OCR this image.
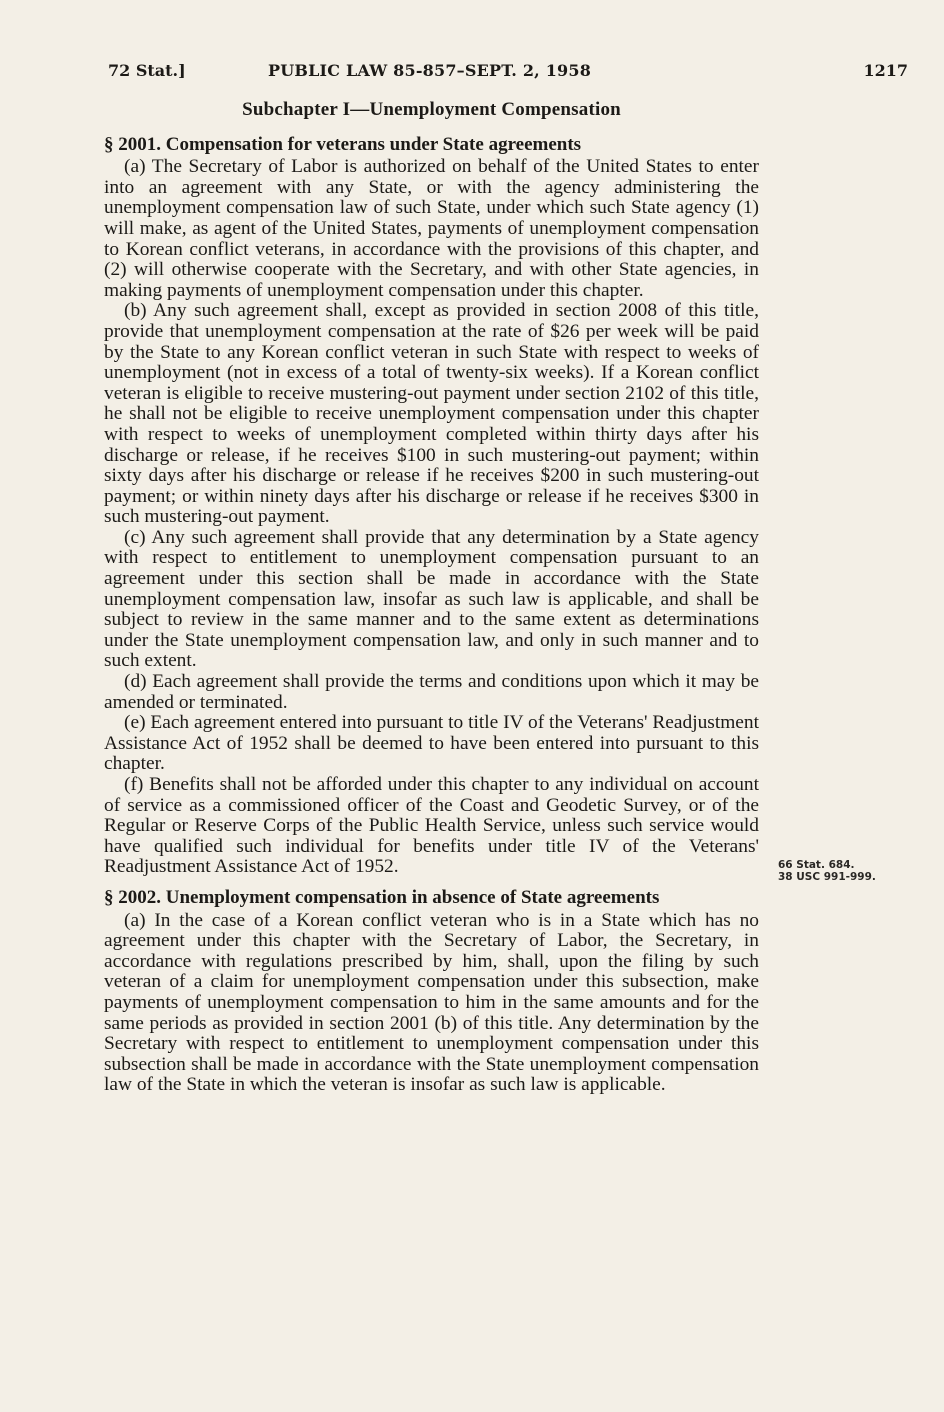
72 Stat.]	PUBLIC LAW 85-857–SEPT. 2, 1958	1217
Subchapter I—Unemployment Compensation
§ 2001. Compensation for veterans under State agreements

(a) The Secretary of Labor is authorized on behalf of the United States to enter into an agreement with any State, or with the agency administering the unemployment compensation law of such State, under which such State agency (1) will make, as agent of the United States, payments of unemployment compensation to Korean conflict veterans, in accordance with the provisions of this chapter, and (2) will otherwise cooperate with the Secretary, and with other State agencies, in making payments of unemployment compensation under this chapter.

(b) Any such agreement shall, except as provided in section 2008 of this title, provide that unemployment compensation at the rate of $26 per week will be paid by the State to any Korean conflict veteran in such State with respect to weeks of unemployment (not in excess of a total of twenty-six weeks). If a Korean conflict veteran is eligible to receive mustering-out payment under section 2102 of this title, he shall not be eligible to receive unemployment compensation under this chapter with respect to weeks of unemployment completed within thirty days after his discharge or release, if he receives $100 in such mustering-out payment; within sixty days after his discharge or release if he receives $200 in such mustering-out payment; or within ninety days after his discharge or release if he receives $300 in such mustering-out payment.

(c) Any such agreement shall provide that any determination by a State agency with respect to entitlement to unemployment compensation pursuant to an agreement under this section shall be made in accordance with the State unemployment compensation law, insofar as such law is applicable, and shall be subject to review in the same manner and to the same extent as determinations under the State unemployment compensation law, and only in such manner and to such extent.

(d) Each agreement shall provide the terms and conditions upon which it may be amended or terminated.

(e) Each agreement entered into pursuant to title IV of the Veterans' Readjustment Assistance Act of 1952 shall be deemed to have been entered into pursuant to this chapter.

(f) Benefits shall not be afforded under this chapter to any individual on account of service as a commissioned officer of the Coast and Geodetic Survey, or of the Regular or Reserve Corps of the Public Health Service, unless such service would have qualified such individual for benefits under title IV of the Veterans' Readjustment Assistance Act of 1952.

§ 2002. Unemployment compensation in absence of State agreements

(a) In the case of a Korean conflict veteran who is in a State which has no agreement under this chapter with the Secretary of Labor, the Secretary, in accordance with regulations prescribed by him, shall, upon the filing by such veteran of a claim for unemployment compensation under this subsection, make payments of unemployment compensation to him in the same amounts and for the same periods as provided in section 2001 (b) of this title. Any determination by the Secretary with respect to entitlement to unemployment compensation under this subsection shall be made in accordance with the State unemployment compensation law of the State in which the veteran is insofar as such law is applicable.

66 Stat. 684.
38 USC 991-999.
